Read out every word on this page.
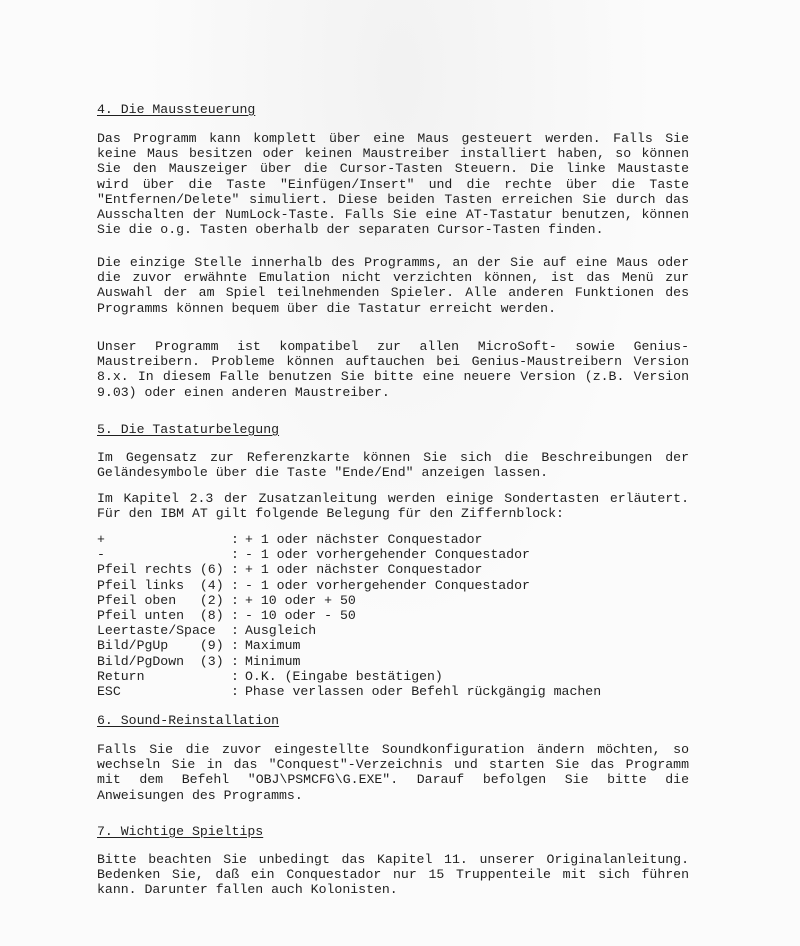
4. Die Maussteuerung

Das Programm kann komplett über eine Maus gesteuert werden. Falls Sie keine Maus besitzen oder keinen Maustreiber installiert haben, so können Sie den Mauszeiger über die Cursor-Tasten Steuern. Die linke Maustaste wird über die Taste "Einfügen/Insert" und die rechte über die Taste "Entfernen/Delete" simuliert. Diese beiden Tasten erreichen Sie durch das Ausschalten der NumLock-Taste. Falls Sie eine AT-Tastatur benutzen, können Sie die o.g. Tasten oberhalb der separaten Cursor-Tasten finden.

Die einzige Stelle innerhalb des Programms, an der Sie auf eine Maus oder die zuvor erwähnte Emulation nicht verzichten können, ist das Menü zur Auswahl der am Spiel teilnehmenden Spieler. Alle anderen Funktionen des Programms können bequem über die Tastatur erreicht werden.

Unser Programm ist kompatibel zur allen MicroSoft- sowie Genius-Maustreibern. Probleme können auftauchen bei Genius-Maustreibern Version 8.x. In diesem Falle benutzen Sie bitte eine neuere Version (z.B. Version 9.03) oder einen anderen Maustreiber.

5. Die Tastaturbelegung

Im Gegensatz zur Referenzkarte können Sie sich die Beschreibungen der Geländesymbole über die Taste "Ende/End" anzeigen lassen.

Im Kapitel 2.3 der Zusatzanleitung werden einige Sondertasten erläutert. Für den IBM AT gilt folgende Belegung für den Ziffernblock:

+	: + 1 oder nächster Conquestador
-	: - 1 oder vorhergehender Conquestador
Pfeil rechts (6) : + 1 oder nächster Conquestador
Pfeil links  (4) : - 1 oder vorhergehender Conquestador
Pfeil oben   (2) : + 10 oder + 50
Pfeil unten  (8) : - 10 oder - 50
Leertaste/Space : Ausgleich
Bild/PgUp    (9) : Maximum
Bild/PgDown  (3) : Minimum
Return	: O.K. (Eingabe bestätigen)
ESC	: Phase verlassen oder Befehl rückgängig machen
6. Sound-Reinstallation

Falls Sie die zuvor eingestellte Soundkonfiguration ändern möchten, so wechseln Sie in das "Conquest"-Verzeichnis und starten Sie das Programm mit dem Befehl "OBJ\PSMCFG\G.EXE". Darauf befolgen Sie bitte die Anweisungen des Programms.

7. Wichtige Spieltips

Bitte beachten Sie unbedingt das Kapitel 11. unserer Originalanleitung. Bedenken Sie, daß ein Conquestador nur 15 Truppenteile mit sich führen kann. Darunter fallen auch Kolonisten.
